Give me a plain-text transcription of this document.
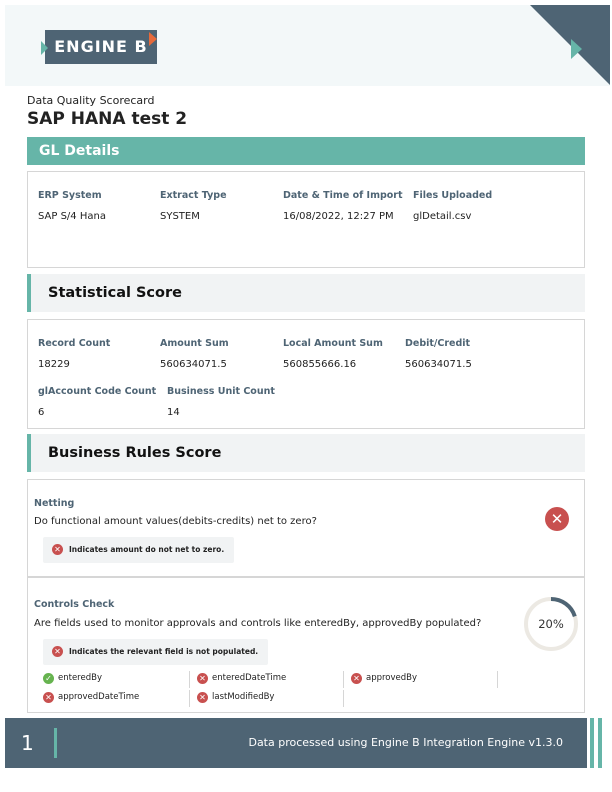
ENGINE B
Data Quality Scorecard
SAP HANA test 2
GL Details
ERP System
SAP S/4 Hana
Extract Type
SYSTEM
Date & Time of Import
16/08/2022, 12:27 PM
Files Uploaded
glDetail.csv
Statistical Score
Record Count
18229
Amount Sum
560634071.5
Local Amount Sum
560855666.16
Debit/Credit
560634071.5
glAccount Code Count
6
Business Unit Count
14
Business Rules Score
Netting
Do functional amount values(debits-credits) net to zero?
✕ Indicates amount do not net to zero.
✕
Controls Check
Are fields used to monitor approvals and controls like enteredBy, approvedBy populated?
✕ Indicates the relevant field is not populated.
20%
✓ enteredBy	✕ enteredDateTime	✕ approvedBy
✕ approvedDateTime	✕ lastModifiedBy
1	Data processed using Engine B Integration Engine v1.3.0
